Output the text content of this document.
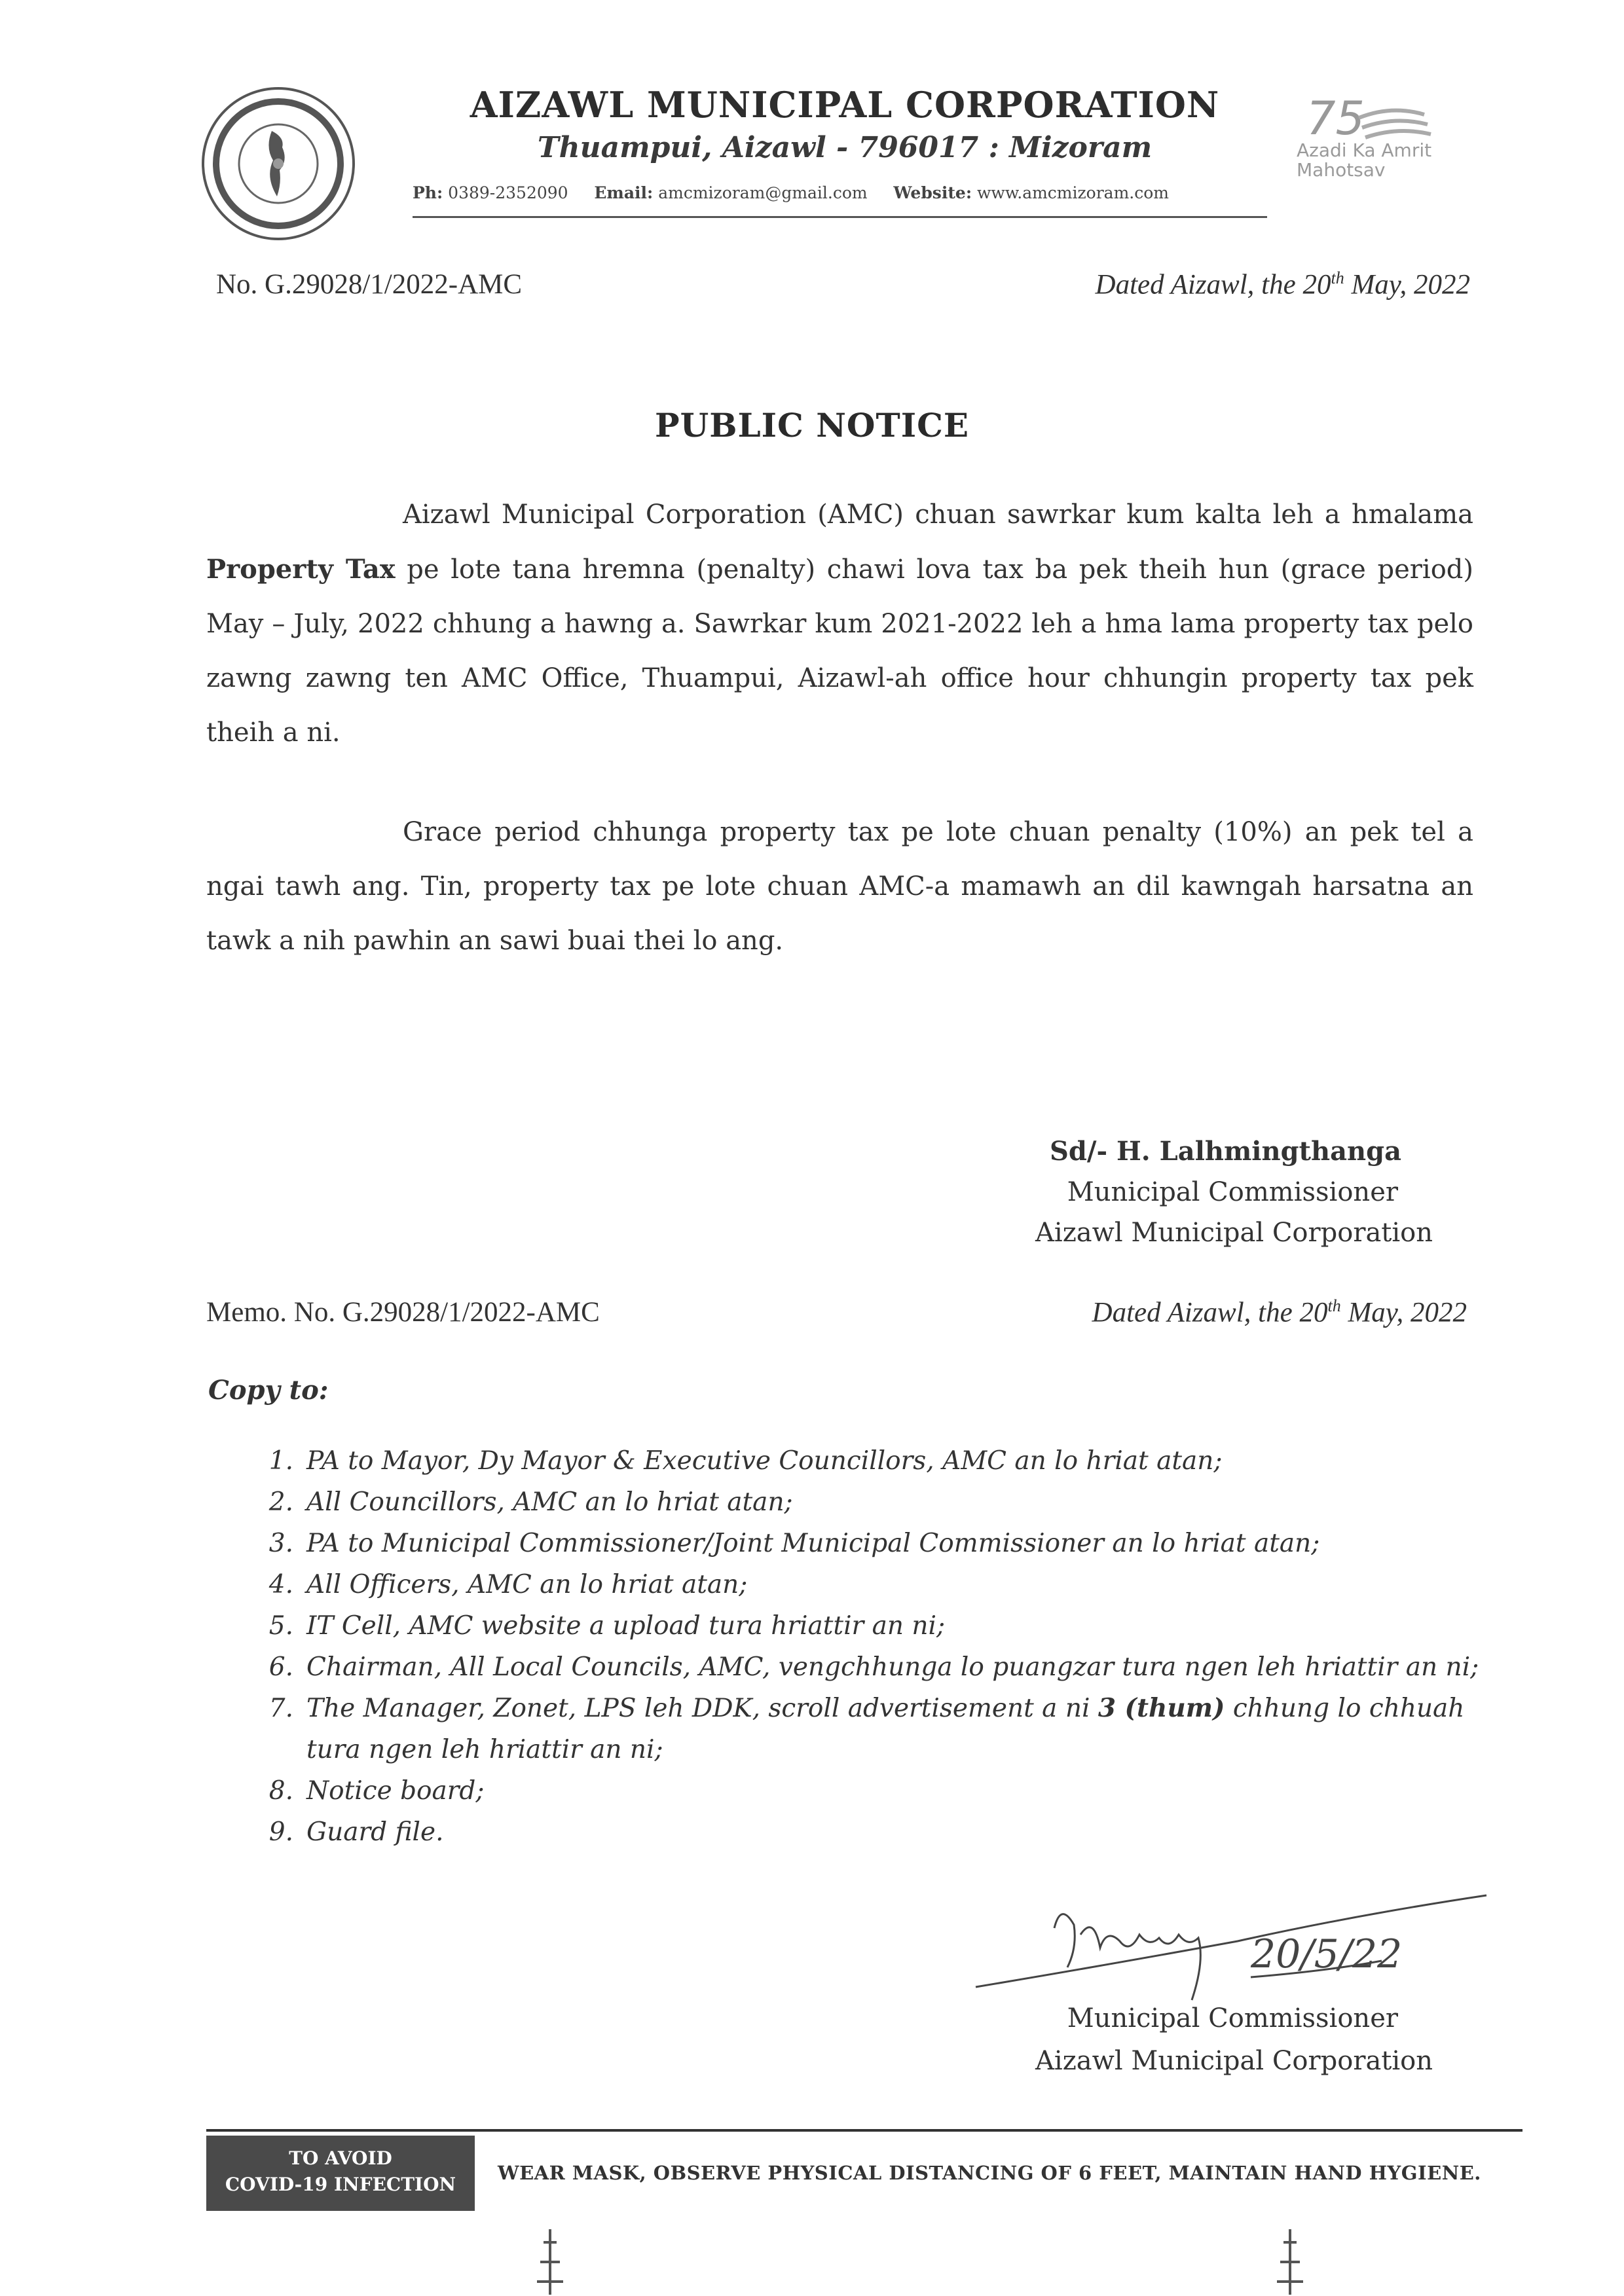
AIZAWL MUNICIPAL CORPORATION
Thuampui, Aizawl - 796017 : Mizoram
Ph: 0389-2352090 Email: amcmizoram@gmail.com Website: www.amcmizoram.com
75
Azadi Ka Amrit Mahotsav
No. G.29028/1/2022-AMC	Dated Aizawl, the 20th May, 2022
PUBLIC NOTICE
Aizawl Municipal Corporation (AMC) chuan sawrkar kum kalta leh a hmalama Property Tax pe lote tana hremna (penalty) chawi lova tax ba pek theih hun (grace period) May – July, 2022 chhung a hawng a. Sawrkar kum 2021-2022 leh a hma lama property tax pelo zawng zawng ten AMC Office, Thuampui, Aizawl-ah office hour chhungin property tax pek theih a ni.
Grace period chhunga property tax pe lote chuan penalty (10%) an pek tel a ngai tawh ang. Tin, property tax pe lote chuan AMC-a mamawh an dil kawngah harsatna an tawk a nih pawhin an sawi buai thei lo ang.
Sd/- H. Lalhmingthanga
Municipal Commissioner
Aizawl Municipal Corporation
Memo. No. G.29028/1/2022-AMC	Dated Aizawl, the 20th May, 2022
Copy to:
1. PA to Mayor, Dy Mayor & Executive Councillors, AMC an lo hriat atan;
2. All Councillors, AMC an lo hriat atan;
3. PA to Municipal Commissioner/Joint Municipal Commissioner an lo hriat atan;
4. All Officers, AMC an lo hriat atan;
5. IT Cell, AMC website a upload tura hriattir an ni;
6. Chairman, All Local Councils, AMC, vengchhunga lo puangzar tura ngen leh hriattir an ni;
7. The Manager, Zonet, LPS leh DDK, scroll advertisement a ni 3 (thum) chhung lo chhuah tura ngen leh hriattir an ni;
8. Notice board;
9. Guard file.
20/5/22
Municipal Commissioner
Aizawl Municipal Corporation
TO AVOID
COVID-19 INFECTION
WEAR MASK, OBSERVE PHYSICAL DISTANCING OF 6 FEET, MAINTAIN HAND HYGIENE.
